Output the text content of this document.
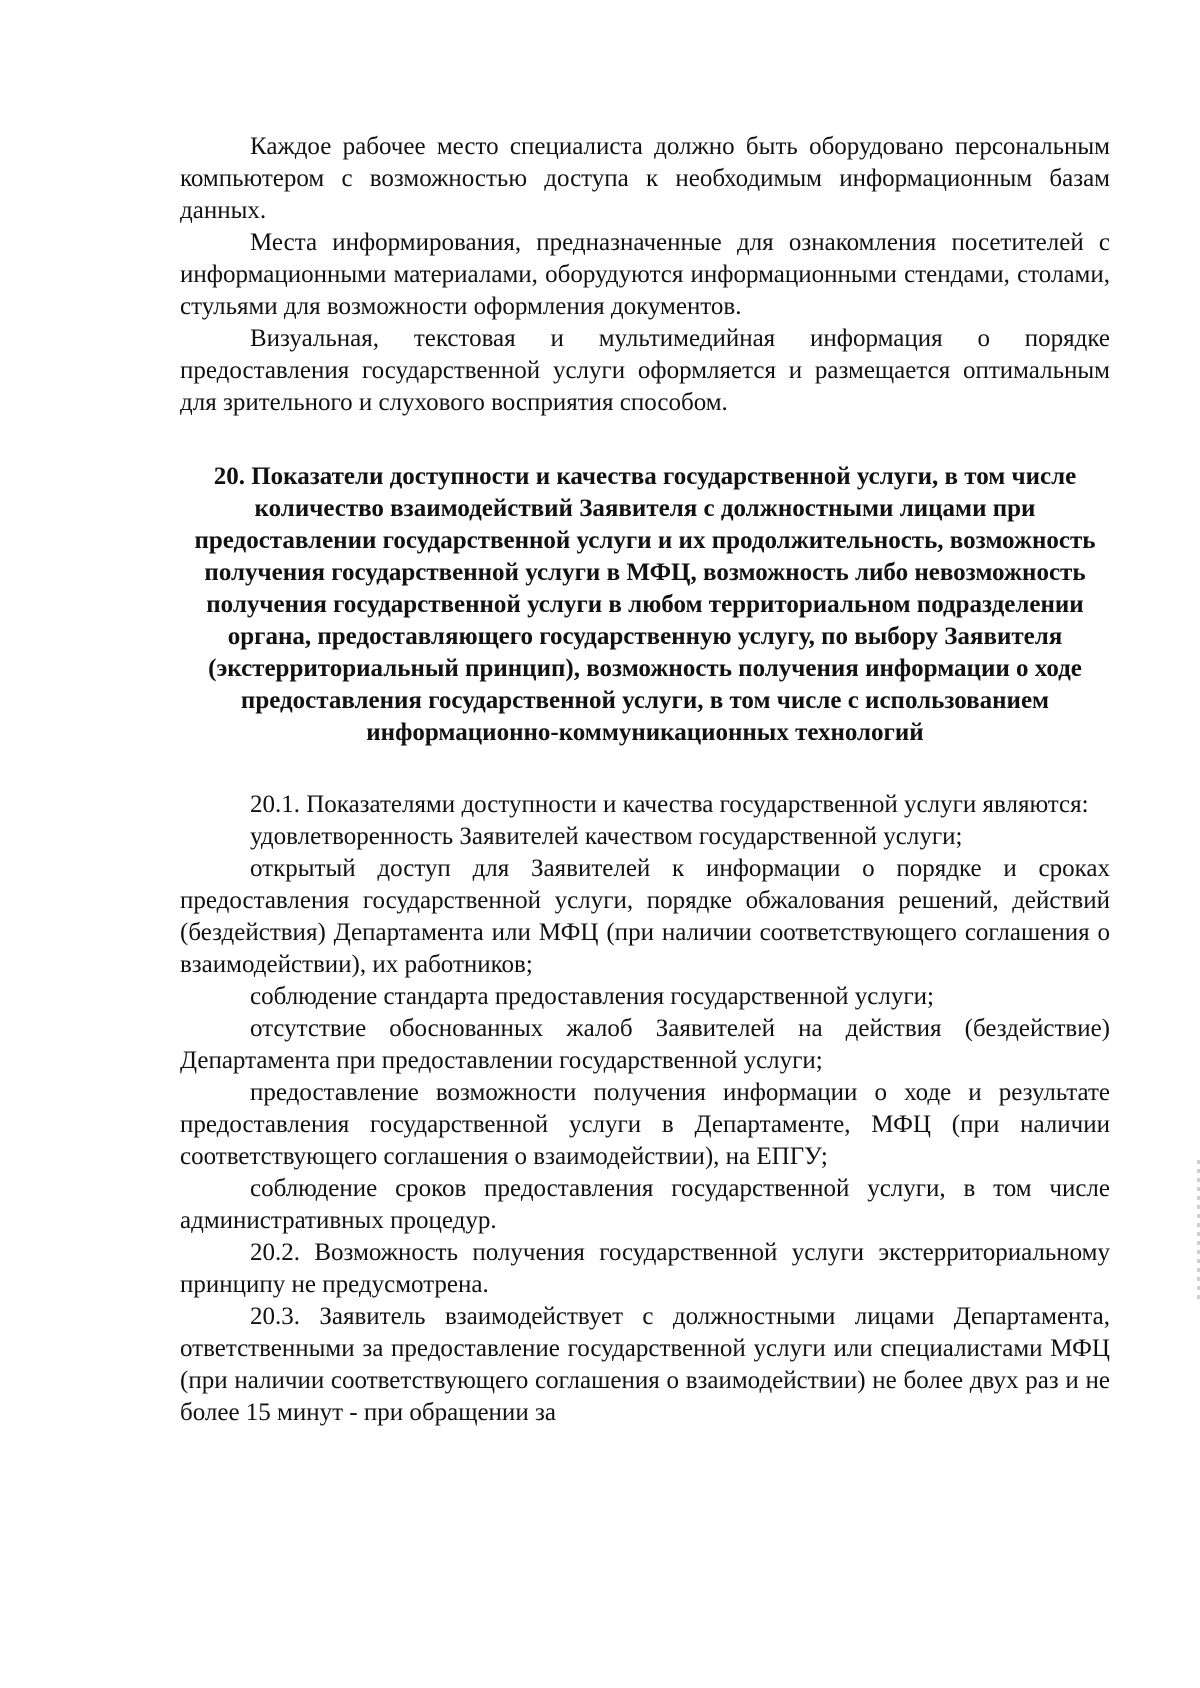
Каждое рабочее место специалиста должно быть оборудовано персональным компьютером с возможностью доступа к необходимым информационным базам данных.

Места информирования, предназначенные для ознакомления посетителей с информационными материалами, оборудуются информационными стендами, столами, стульями для возможности оформления документов.

Визуальная, текстовая и мультимедийная информация о порядке предоставления государственной услуги оформляется и размещается оптимальным для зрительного и слухового восприятия способом.

20. Показатели доступности и качества государственной услуги, в том числе количество взаимодействий Заявителя с должностными лицами при предоставлении государственной услуги и их продолжительность, возможность получения государственной услуги в МФЦ, возможность либо невозможность получения государственной услуги в любом территориальном подразделении органа, предоставляющего государственную услугу, по выбору Заявителя (экстерриториальный принцип), возможность получения информации о ходе предоставления государственной услуги, в том числе с использованием информационно-коммуникационных технологий

20.1. Показателями доступности и качества государственной услуги являются:

удовлетворенность Заявителей качеством государственной услуги;

открытый доступ для Заявителей к информации о порядке и сроках предоставления государственной услуги, порядке обжалования решений, действий (бездействия) Департамента или МФЦ (при наличии соответствующего соглашения о взаимодействии), их работников;

соблюдение стандарта предоставления государственной услуги;

отсутствие обоснованных жалоб Заявителей на действия (бездействие) Департамента при предоставлении государственной услуги;

предоставление возможности получения информации о ходе и результате предоставления государственной услуги в Департаменте, МФЦ (при наличии соответствующего соглашения о взаимодействии), на ЕПГУ;

соблюдение сроков предоставления государственной услуги, в том числе административных процедур.

20.2. Возможность получения государственной услуги экстерриториальному принципу не предусмотрена.

20.3. Заявитель взаимодействует с должностными лицами Департамента, ответственными за предоставление государственной услуги или специалистами МФЦ (при наличии соответствующего соглашения о взаимодействии) не более двух раз и не более 15 минут - при обращении за
